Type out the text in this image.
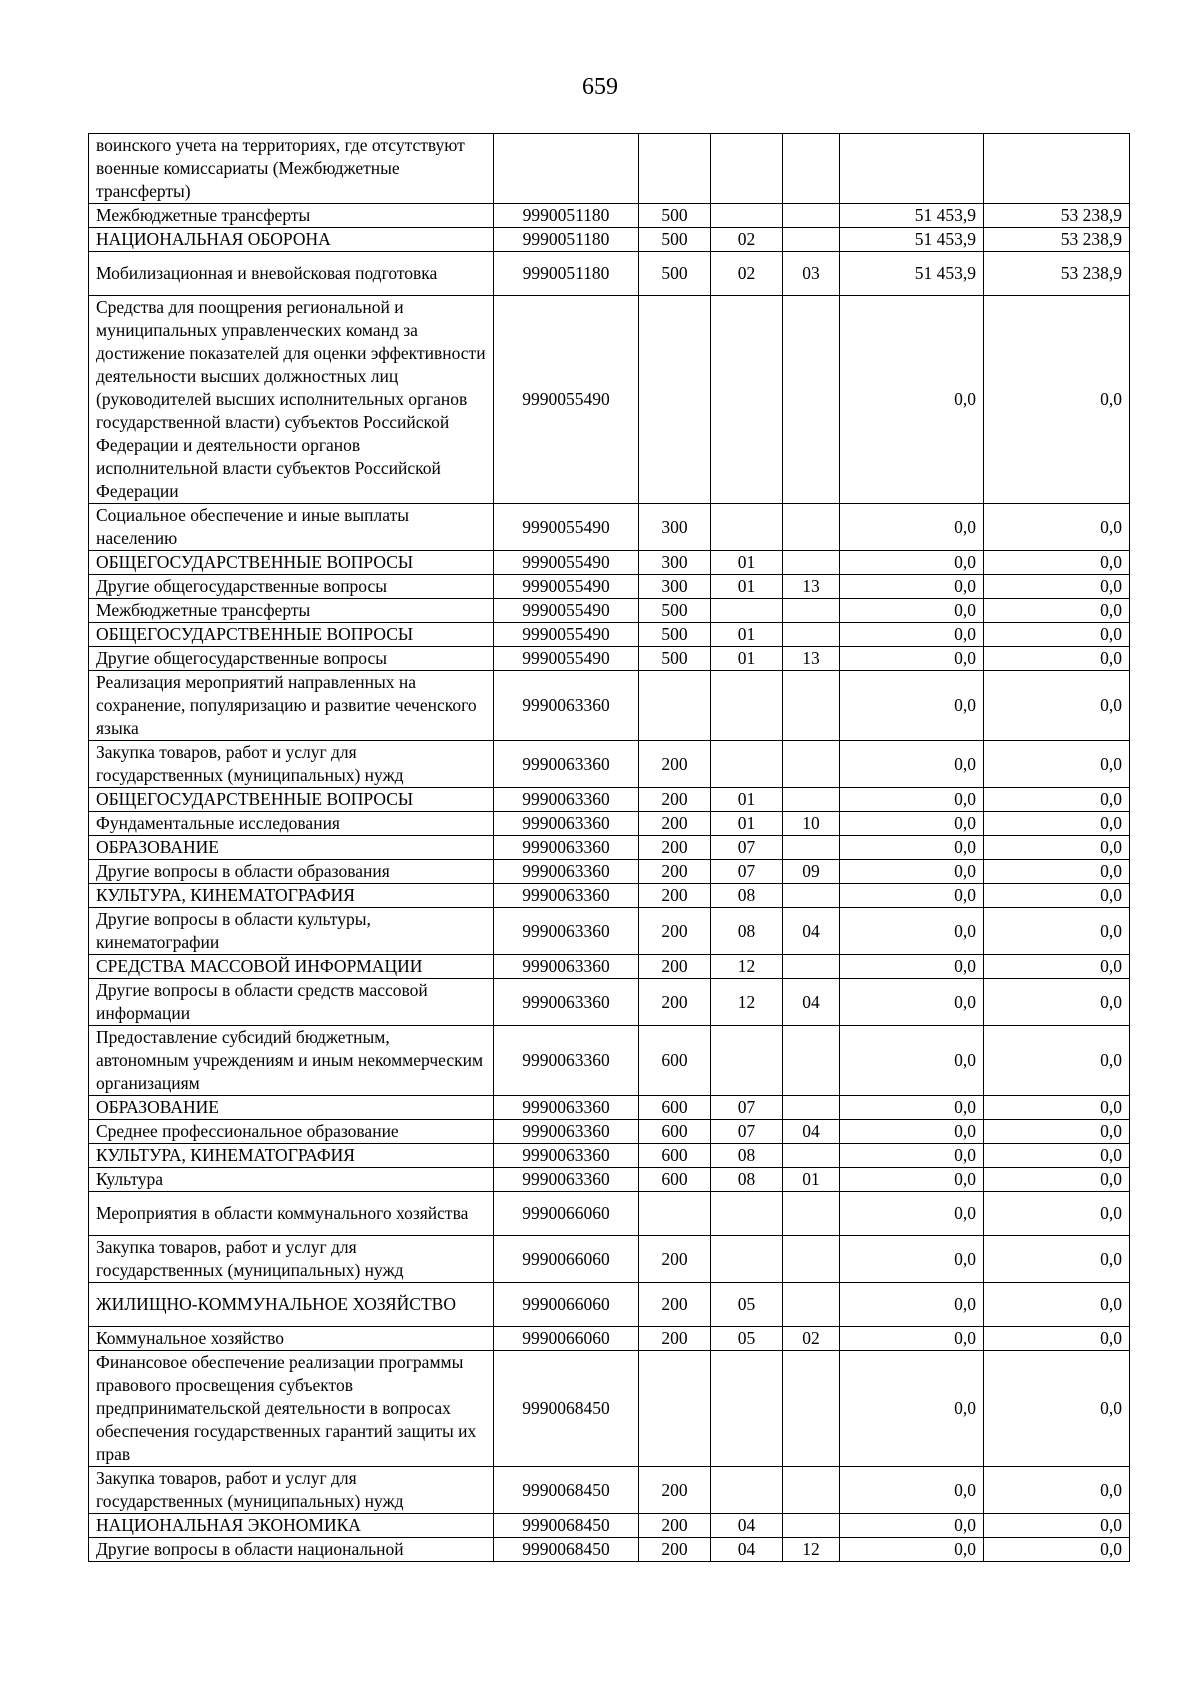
659
воинского учета на территориях, где отсутствуют военные комиссариаты (Межбюджетные трансферты)						
Межбюджетные трансферты	9990051180	500			51 453,9	53 238,9
НАЦИОНАЛЬНАЯ ОБОРОНА	9990051180	500	02		51 453,9	53 238,9
Мобилизационная и вневойсковая подготовка	9990051180	500	02	03	51 453,9	53 238,9
Средства для поощрения региональной и муниципальных управленческих команд за достижение показателей для оценки эффективности деятельности высших должностных лиц (руководителей высших исполнительных органов государственной власти) субъектов Российской Федерации и деятельности органов исполнительной власти субъектов Российской Федерации	9990055490				0,0	0,0
Социальное обеспечение и иные выплаты населению	9990055490	300			0,0	0,0
ОБЩЕГОСУДАРСТВЕННЫЕ ВОПРОСЫ	9990055490	300	01		0,0	0,0
Другие общегосударственные вопросы	9990055490	300	01	13	0,0	0,0
Межбюджетные трансферты	9990055490	500			0,0	0,0
ОБЩЕГОСУДАРСТВЕННЫЕ ВОПРОСЫ	9990055490	500	01		0,0	0,0
Другие общегосударственные вопросы	9990055490	500	01	13	0,0	0,0
Реализация мероприятий направленных на сохранение, популяризацию и развитие чеченского языка	9990063360				0,0	0,0
Закупка товаров, работ и услуг для государственных (муниципальных) нужд	9990063360	200			0,0	0,0
ОБЩЕГОСУДАРСТВЕННЫЕ ВОПРОСЫ	9990063360	200	01		0,0	0,0
Фундаментальные исследования	9990063360	200	01	10	0,0	0,0
ОБРАЗОВАНИЕ	9990063360	200	07		0,0	0,0
Другие вопросы в области образования	9990063360	200	07	09	0,0	0,0
КУЛЬТУРА, КИНЕМАТОГРАФИЯ	9990063360	200	08		0,0	0,0
Другие вопросы в области культуры, кинематографии	9990063360	200	08	04	0,0	0,0
СРЕДСТВА МАССОВОЙ ИНФОРМАЦИИ	9990063360	200	12		0,0	0,0
Другие вопросы в области средств массовой информации	9990063360	200	12	04	0,0	0,0
Предоставление субсидий бюджетным, автономным учреждениям и иным некоммерческим организациям	9990063360	600			0,0	0,0
ОБРАЗОВАНИЕ	9990063360	600	07		0,0	0,0
Среднее профессиональное образование	9990063360	600	07	04	0,0	0,0
КУЛЬТУРА, КИНЕМАТОГРАФИЯ	9990063360	600	08		0,0	0,0
Культура	9990063360	600	08	01	0,0	0,0
Мероприятия в области коммунального хозяйства	9990066060				0,0	0,0
Закупка товаров, работ и услуг для государственных (муниципальных) нужд	9990066060	200			0,0	0,0
ЖИЛИЩНО-КОММУНАЛЬНОЕ ХОЗЯЙСТВО	9990066060	200	05		0,0	0,0
Коммунальное хозяйство	9990066060	200	05	02	0,0	0,0
Финансовое обеспечение реализации программы правового просвещения субъектов предпринимательской деятельности в вопросах обеспечения государственных гарантий защиты их прав	9990068450				0,0	0,0
Закупка товаров, работ и услуг для государственных (муниципальных) нужд	9990068450	200			0,0	0,0
НАЦИОНАЛЬНАЯ ЭКОНОМИКА	9990068450	200	04		0,0	0,0
Другие вопросы в области национальной	9990068450	200	04	12	0,0	0,0
